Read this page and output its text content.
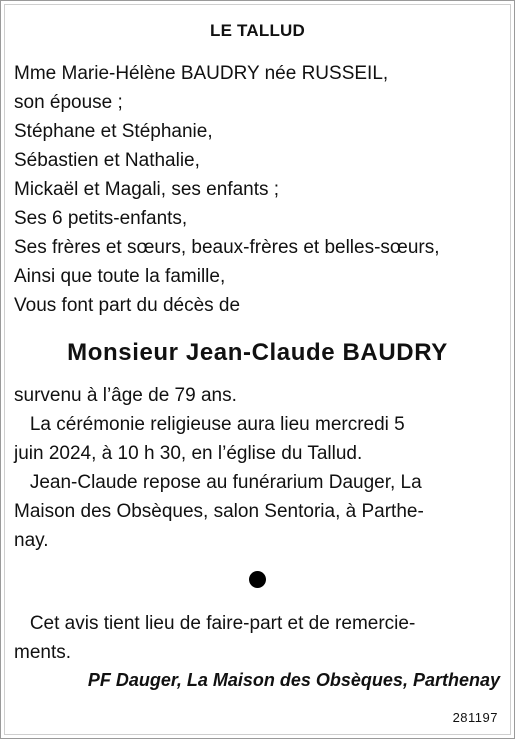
LE TALLUD
Mme Marie-Hélène BAUDRY née RUSSEIL,
son épouse ;
Stéphane et Stéphanie,
Sébastien et Nathalie,
Mickaël et Magali, ses enfants ;
Ses 6 petits-enfants,
Ses frères et sœurs, beaux-frères et belles-sœurs,
Ainsi que toute la famille,
Vous font part du décès de
Monsieur Jean-Claude BAUDRY
survenu à l’âge de 79 ans.
La cérémonie religieuse aura lieu mercredi 5
juin 2024, à 10 h 30, en l’église du Tallud.
Jean-Claude repose au funérarium Dauger, La
Maison des Obsèques, salon Sentoria, à Parthe-
nay.
Cet avis tient lieu de faire-part et de remercie-
ments.
PF Dauger, La Maison des Obsèques, Parthenay
281197
